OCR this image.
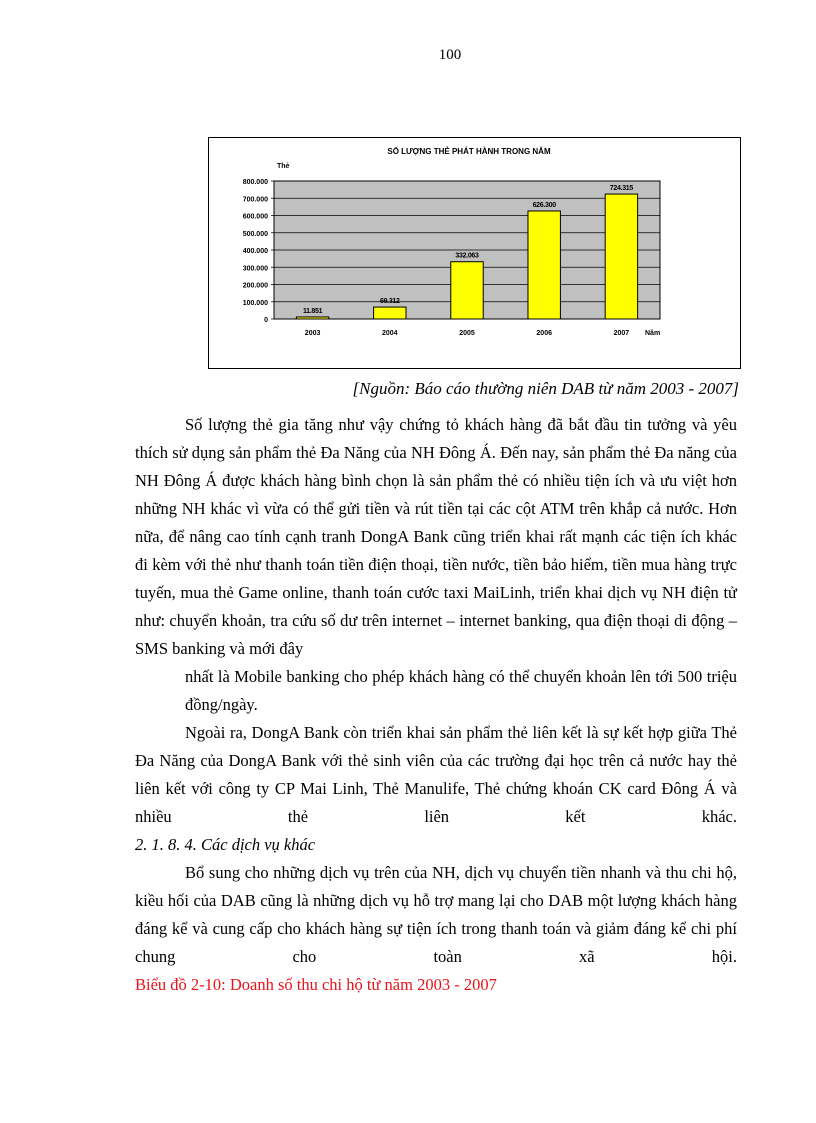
100
SỐ LƯỢNG THẺ PHÁT HÀNH TRONG NĂM
Thẻ
Năm
0
100.000
200.000
300.000
400.000
500.000
600.000
700.000
800.000
11.851
2003
69.312
2004
332.063
2005
626.300
2006
724.315
2007
[Nguồn: Báo cáo thường niên DAB từ năm 2003 - 2007]

Số lượng thẻ gia tăng như vậy chứng tỏ khách hàng đã bắt đầu tin tưởng và yêu thích sử dụng sản phẩm thẻ Đa Năng của NH Đông Á. Đến nay, sản phẩm thẻ Đa năng của NH Đông Á được khách hàng bình chọn là sản phẩm thẻ có nhiều tiện ích và ưu việt hơn những NH khác vì vừa có thể gửi tiền và rút tiền tại các cột ATM trên khắp cả nước. Hơn nữa, để nâng cao tính cạnh tranh DongA Bank cũng triển khai rất mạnh các tiện ích khác đi kèm với thẻ như thanh toán tiền điện thoại, tiền nước, tiền bảo hiểm, tiền mua hàng trực tuyến, mua thẻ Game online, thanh toán cước taxi MaiLinh, triển khai dịch vụ NH điện tử như: chuyển khoản, tra cứu số dư trên internet – internet banking, qua điện thoại di động – SMS banking và mới đây

nhất là Mobile banking cho phép khách hàng có thể chuyển khoản lên tới 500 triệu đồng/ngày.

Ngoài ra, DongA Bank còn triển khai sản phẩm thẻ liên kết là sự kết hợp giữa Thẻ Đa Năng của DongA Bank với thẻ sinh viên của các trường đại học trên cả nước hay thẻ liên kết với công ty CP Mai Linh, Thẻ Manulife, Thẻ chứng khoán CK card Đông Á và nhiều thẻ liên kết khác.

2. 1. 8. 4. Các dịch vụ khác

Bổ sung cho những dịch vụ trên của NH, dịch vụ chuyển tiền nhanh và thu chi hộ, kiều hối của DAB cũng là những dịch vụ hỗ trợ mang lại cho DAB một lượng khách hàng đáng kể và cung cấp cho khách hàng sự tiện ích trong thanh toán và giảm đáng kể chi phí chung cho toàn xã hội.

Biểu đồ 2-10: Doanh số thu chi hộ từ năm 2003 - 2007
